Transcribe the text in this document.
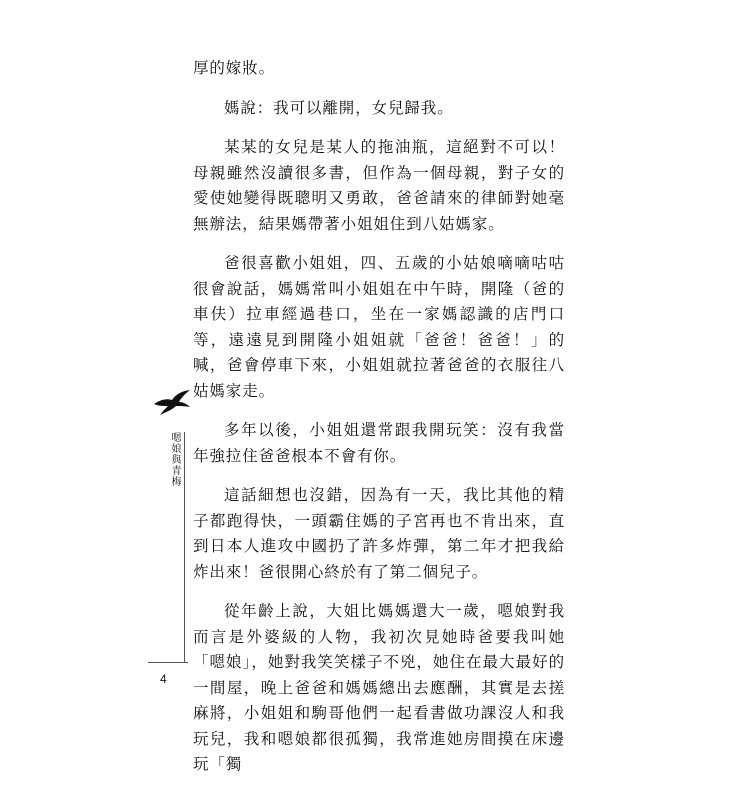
厚的嫁妝。

媽說：我可以離開，女兒歸我。

某某的女兒是某人的拖油瓶，這絕對不可以！母親雖然沒讀很多書，但作為一個母親，對子女的愛使她變得既聰明又勇敢，爸爸請來的律師對她毫無辦法，結果媽帶著小姐姐住到八姑媽家。

爸很喜歡小姐姐，四、五歲的小姑娘嘀嘀咕咕很會說話，媽媽常叫小姐姐在中午時，開隆（爸的車伕）拉車經過巷口，坐在一家媽認識的店門口等，遠遠見到開隆小姐姐就「爸爸！爸爸！」的喊，爸會停車下來，小姐姐就拉著爸爸的衣服往八姑媽家走。

多年以後，小姐姐還常跟我開玩笑：沒有我當年強拉住爸爸根本不會有你。

這話細想也沒錯，因為有一天，我比其他的精子都跑得快，一頭霸住媽的子宮再也不肯出來，直到日本人進攻中國扔了許多炸彈，第二年才把我給炸出來！爸很開心終於有了第二個兒子。

從年齡上說，大姐比媽媽還大一歲，嗯娘對我而言是外婆級的人物，我初次見她時爸要我叫她「嗯娘」，她對我笑笑樣子不兇，她住在最大最好的一間屋，晚上爸爸和媽媽總出去應酬，其實是去搓麻將，小姐姐和駒哥他們一起看書做功課沒人和我玩兒，我和嗯娘都很孤獨，我常進她房間摸在床邊玩「獨

嗯娘與青梅
4
